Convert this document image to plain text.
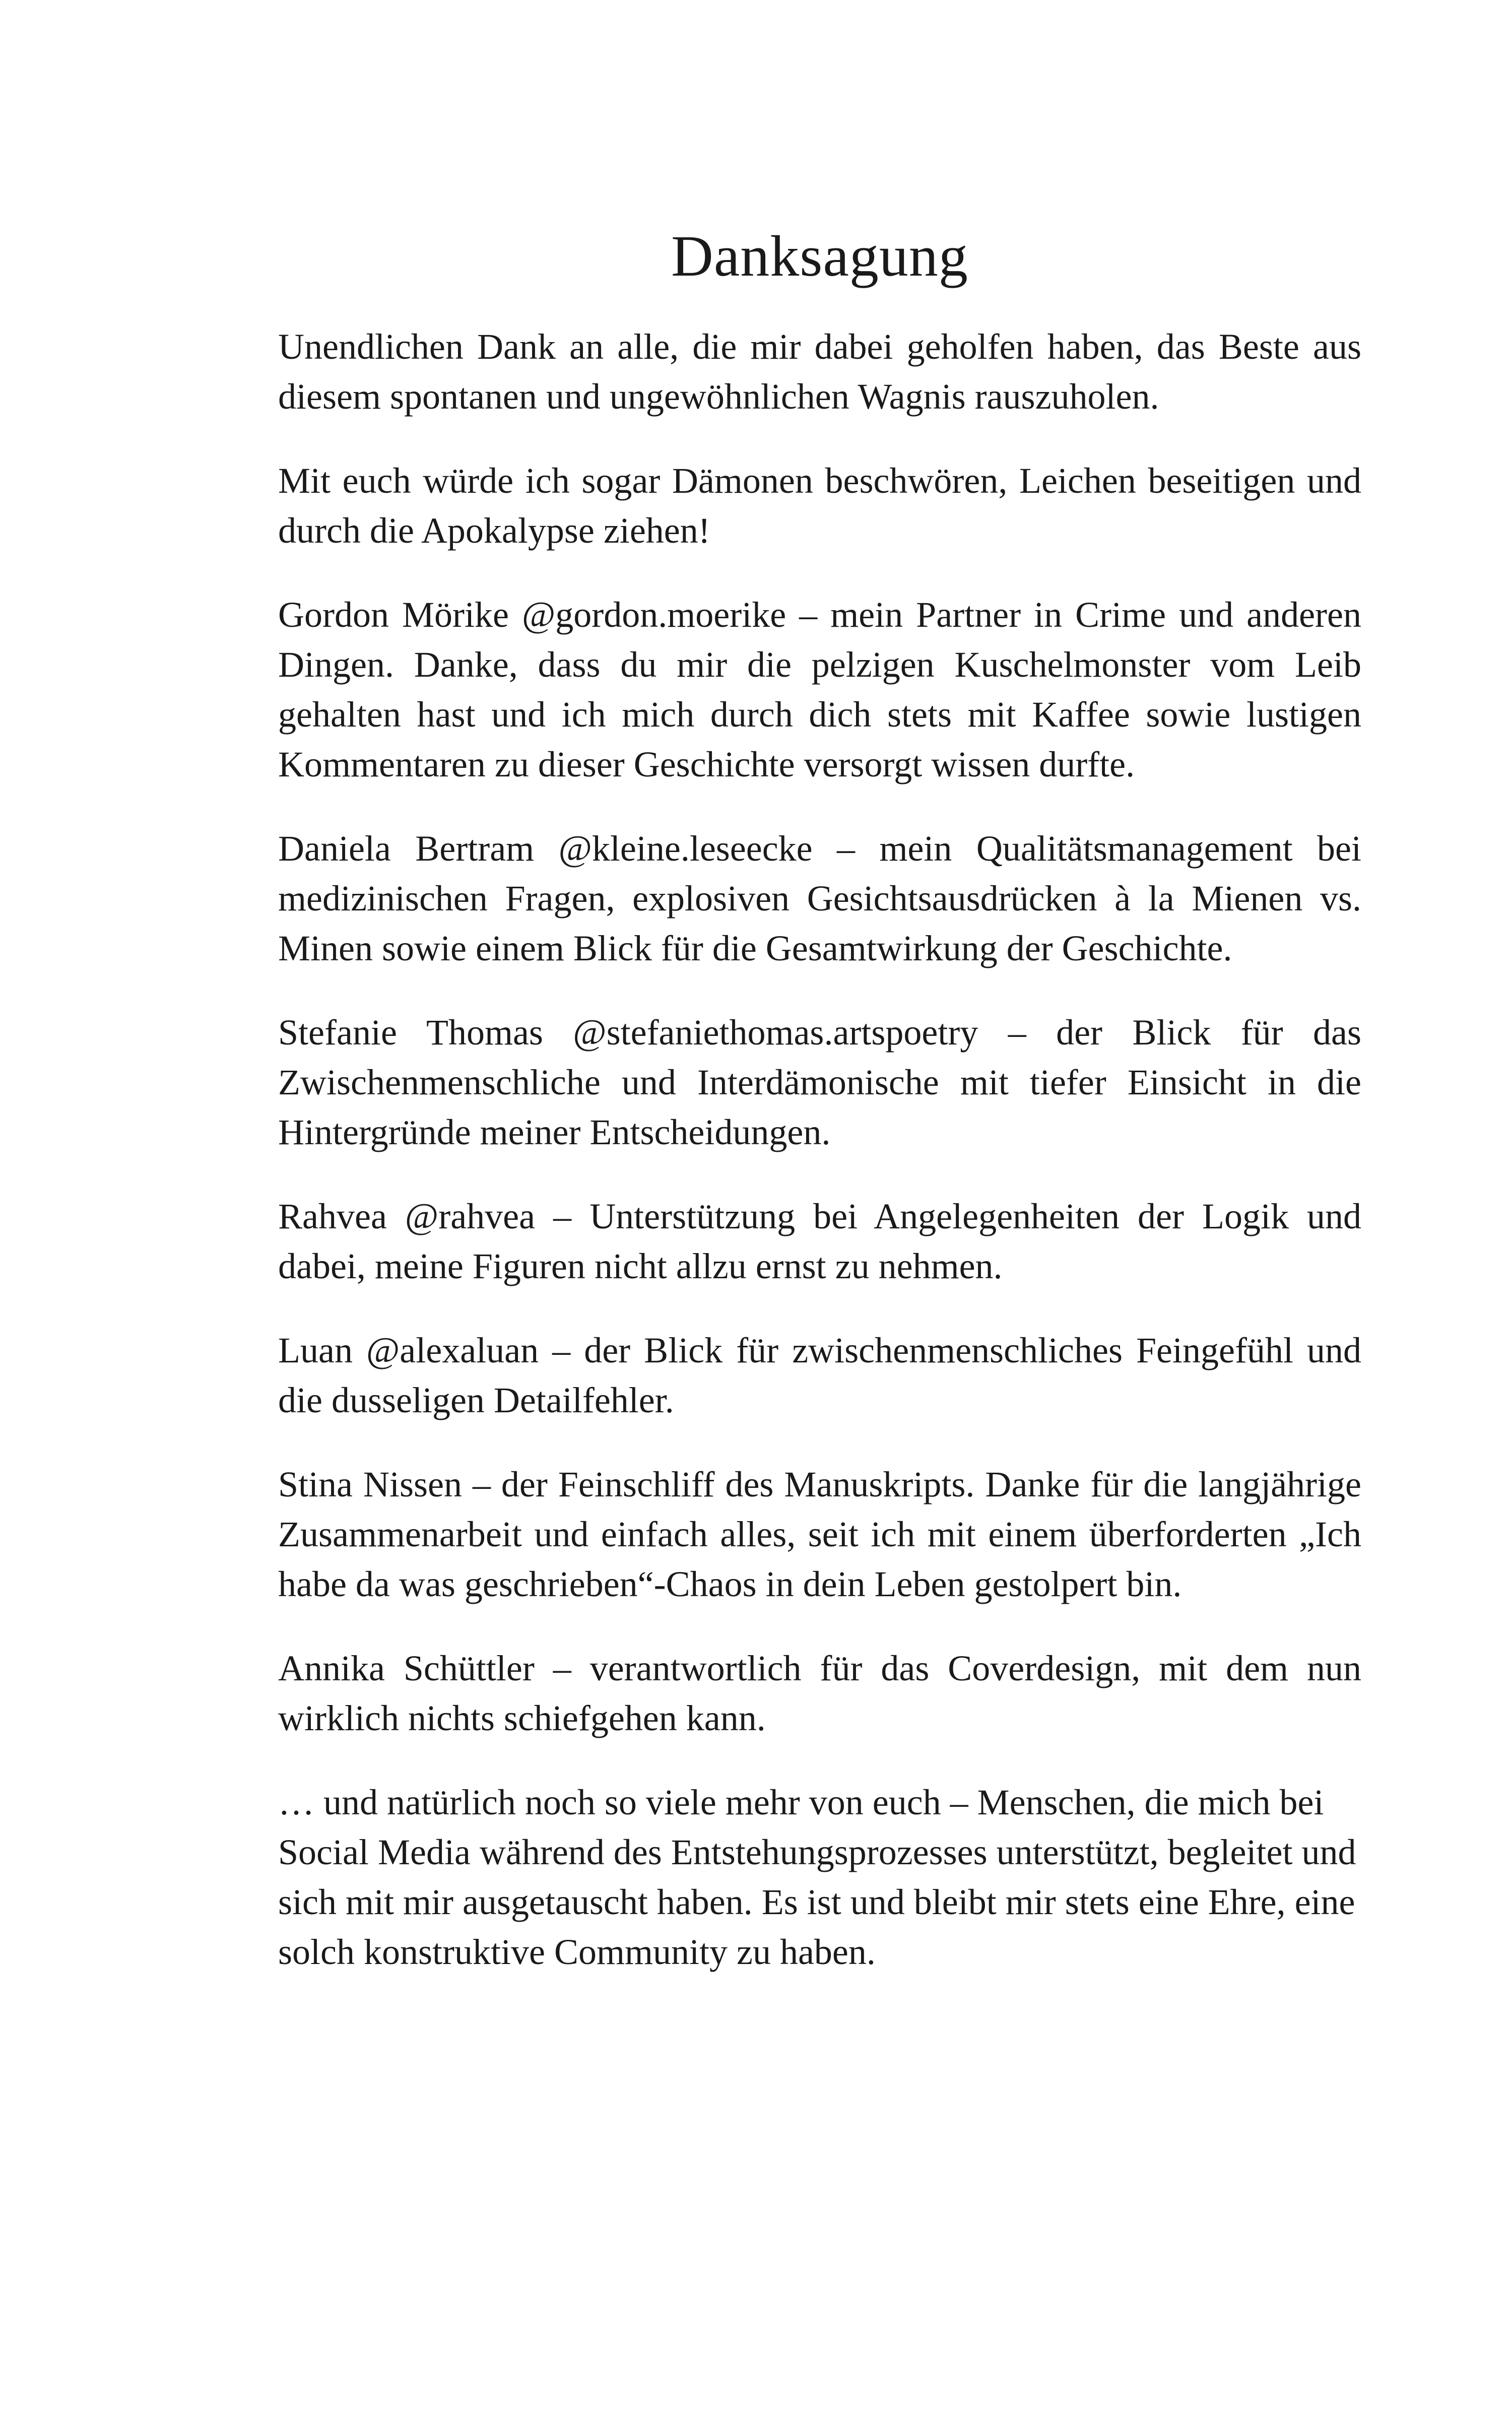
Danksagung

Unendlichen Dank an alle, die mir dabei geholfen haben, das Beste aus diesem spontanen und ungewöhnlichen Wagnis rauszuholen.

Mit euch würde ich sogar Dämonen beschwören, Leichen beseitigen und durch die Apokalypse ziehen!

Gordon Mörike @gordon.moerike – mein Partner in Crime und anderen Dingen. Danke, dass du mir die pelzigen Kuschelmonster vom Leib gehalten hast und ich mich durch dich stets mit Kaffee sowie lustigen Kommentaren zu dieser Geschichte versorgt wissen durfte.

Daniela Bertram @kleine.leseecke – mein Qualitätsmanagement bei medizinischen Fragen, explosiven Gesichtsausdrücken à la Mienen vs. Minen sowie einem Blick für die Gesamtwirkung der Geschichte.

Stefanie Thomas @stefaniethomas.artspoetry – der Blick für das Zwischenmenschliche und Interdämonische mit tiefer Einsicht in die Hintergründe meiner Entscheidungen.

Rahvea @rahvea – Unterstützung bei Angelegenheiten der Logik und dabei, meine Figuren nicht allzu ernst zu nehmen.

Luan @alexaluan – der Blick für zwischenmenschliches Feingefühl und die dusseligen Detailfehler.

Stina Nissen – der Feinschliff des Manuskripts. Danke für die langjährige Zusammenarbeit und einfach alles, seit ich mit einem überforderten „Ich habe da was geschrieben“-Chaos in dein Leben gestolpert bin.

Annika Schüttler – verantwortlich für das Coverdesign, mit dem nun wirklich nichts schiefgehen kann.

… und natürlich noch so viele mehr von euch – Menschen, die mich bei Social Media während des Entstehungsprozesses unterstützt, begleitet und sich mit mir ausgetauscht haben. Es ist und bleibt mir stets eine Ehre, eine solch konstruktive Community zu haben.
